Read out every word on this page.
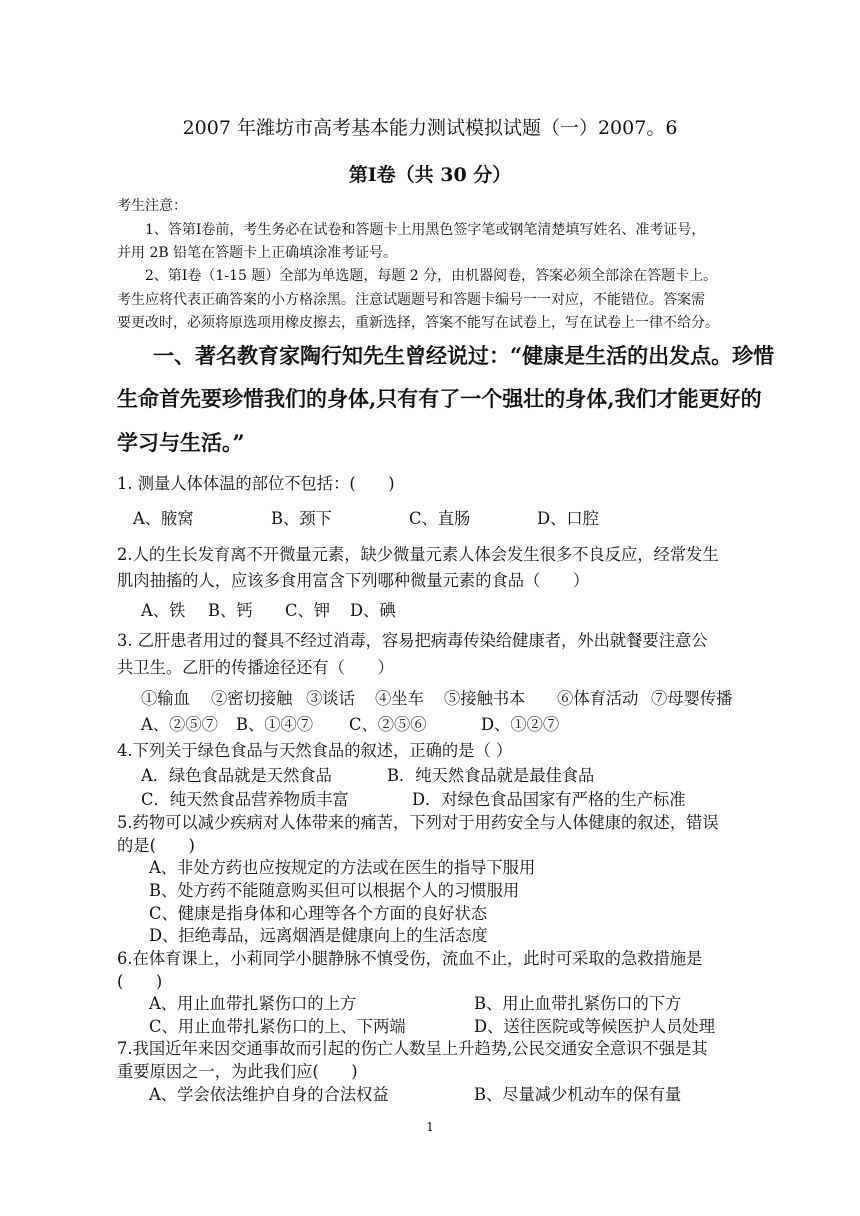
2007 年潍坊市高考基本能力测试模拟试题（一）2007。6
第Ⅰ卷（共 30 分）
考生注意：
1、答第Ⅰ卷前，考生务必在试卷和答题卡上用黑色签字笔或钢笔清楚填写姓名、准考证号，
并用 2B 铅笔在答题卡上正确填涂准考证号。
2、第Ⅰ卷（1-15 题）全部为单选题，每题 2 分，由机器阅卷，答案必须全部涂在答题卡上。
考生应将代表正确答案的小方格涂黑。注意试题题号和答题卡编号一一对应，不能错位。答案需
要更改时，必须将原选项用橡皮擦去，重新选择，答案不能写在试卷上，写在试卷上一律不给分。
一、著名教育家陶行知先生曾经说过：“健康是生活的出发点。珍惜
生命首先要珍惜我们的身体,只有有了一个强壮的身体,我们才能更好的
学习与生活。”
1. 测量人体体温的部位不包括：(　　)
A、腋窝	B、颈下	C、直肠	D、口腔
2.人的生长发育离不开微量元素，缺少微量元素人体会发生很多不良反应，经常发生
肌肉抽搐的人，应该多食用富含下列哪种微量元素的食品（　　）
A、铁 B、钙 C、钾 D、碘
3. 乙肝患者用过的餐具不经过消毒，容易把病毒传染给健康者，外出就餐要注意公
共卫生。乙肝的传播途径还有（　　）
①输血 ②密切接触 ③谈话 ④坐车 ⑤接触书本 ⑥体育活动 ⑦母婴传播
A、②⑤⑦ B、①④⑦ C、②⑤⑥	D、①②⑦
4.下列关于绿色食品与天然食品的叙述，正确的是（ ）
A．绿色食品就是天然食品	B．纯天然食品就是最佳食品
C．纯天然食品营养物质丰富	D．对绿色食品国家有严格的生产标准
5.药物可以减少疾病对人体带来的痛苦，下列对于用药安全与人体健康的叙述，错误
的是(　　)
A、非处方药也应按规定的方法或在医生的指导下服用
B、处方药不能随意购买但可以根据个人的习惯服用
C、健康是指身体和心理等各个方面的良好状态
D、拒绝毒品，远离烟酒是健康向上的生活态度
6.在体育课上，小莉同学小腿静脉不慎受伤，流血不止，此时可采取的急救措施是
(　　)
A、用止血带扎紧伤口的上方	B、用止血带扎紧伤口的下方
C、用止血带扎紧伤口的上、下两端	D、送往医院或等候医护人员处理
7.我国近年来因交通事故而引起的伤亡人数呈上升趋势,公民交通安全意识不强是其
重要原因之一，为此我们应(　　)
A、学会依法维护自身的合法权益	B、尽量减少机动车的保有量
1
